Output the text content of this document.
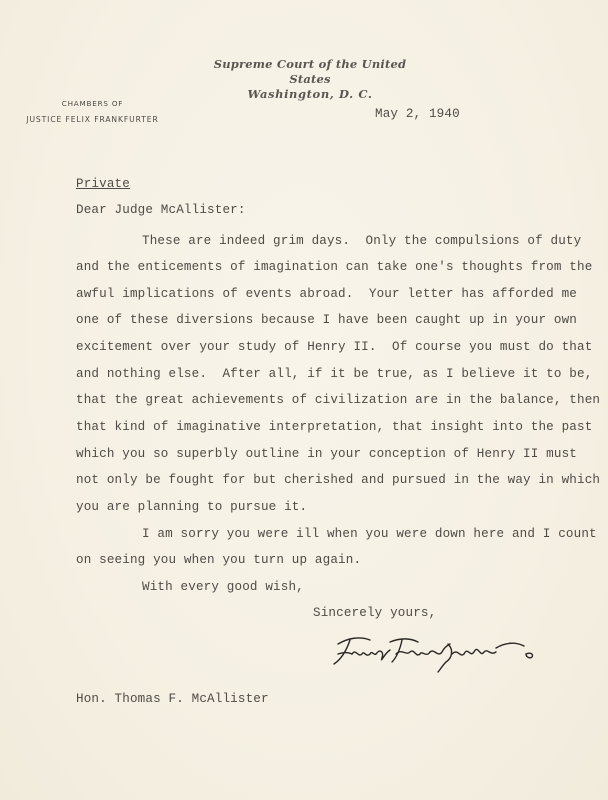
Supreme Court of the United States
Washington, D. C.
CHAMBERS OF
JUSTICE FELIX FRANKFURTER	May 2, 1940
Private
Dear Judge McAllister:
These are indeed grim days.  Only the compulsions of duty
and the enticements of imagination can take one's thoughts from the
awful implications of events abroad.  Your letter has afforded me
one of these diversions because I have been caught up in your own
excitement over your study of Henry II.  Of course you must do that
and nothing else.  After all, if it be true, as I believe it to be,
that the great achievements of civilization are in the balance, then
that kind of imaginative interpretation, that insight into the past
which you so superbly outline in your conception of Henry II must
not only be fought for but cherished and pursued in the way in which
you are planning to pursue it.
I am sorry you were ill when you were down here and I count
on seeing you when you turn up again.
With every good wish,
Sincerely yours,
Hon. Thomas F. McAllister
